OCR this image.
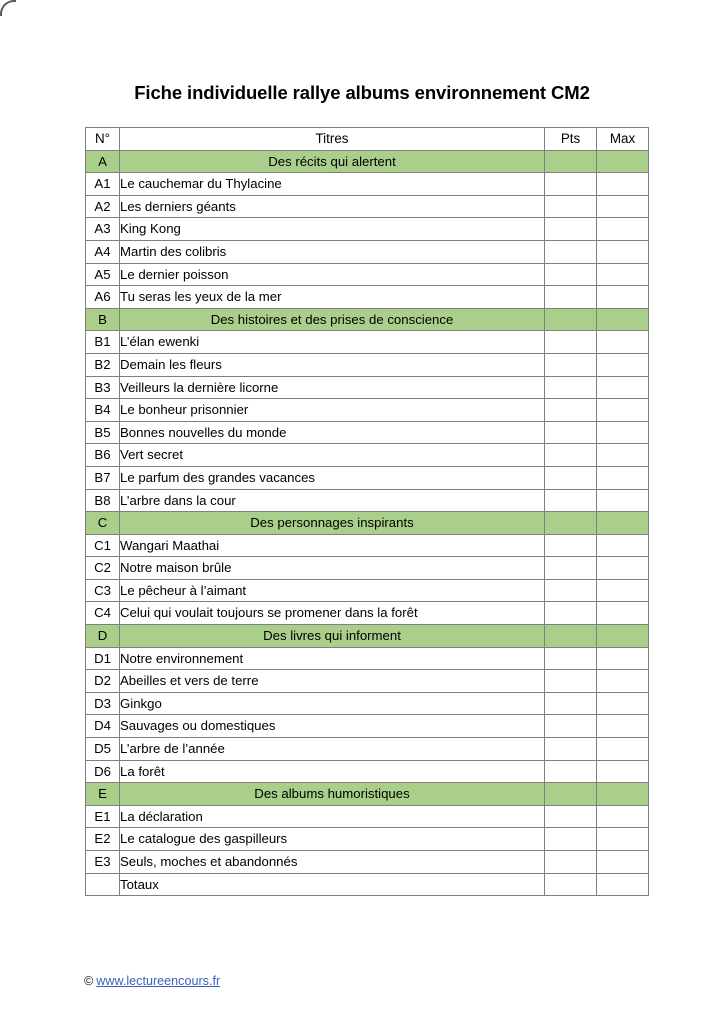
Fiche individuelle rallye albums environnement CM2
N°	Titres	Pts	Max
A	Des récits qui alertent		
A1	Le cauchemar du Thylacine		
A2	Les derniers géants		
A3	King Kong		
A4	Martin des colibris		
A5	Le dernier poisson		
A6	Tu seras les yeux de la mer		
B	Des histoires et des prises de conscience		
B1	L’élan ewenki		
B2	Demain les fleurs		
B3	Veilleurs la dernière licorne		
B4	Le bonheur prisonnier		
B5	Bonnes nouvelles du monde		
B6	Vert secret		
B7	Le parfum des grandes vacances		
B8	L’arbre dans la cour		
C	Des personnages inspirants		
C1	Wangari Maathai		
C2	Notre maison brûle		
C3	Le pêcheur à l’aimant		
C4	Celui qui voulait toujours se promener dans la forêt		
D	Des livres qui informent		
D1	Notre environnement		
D2	Abeilles et vers de terre		
D3	Ginkgo		
D4	Sauvages ou domestiques		
D5	L’arbre de l’année		
D6	La forêt		
E	Des albums humoristiques		
E1	La déclaration		
E2	Le catalogue des gaspilleurs		
E3	Seuls, moches et abandonnés		
	Totaux		
© www.lectureencours.fr
